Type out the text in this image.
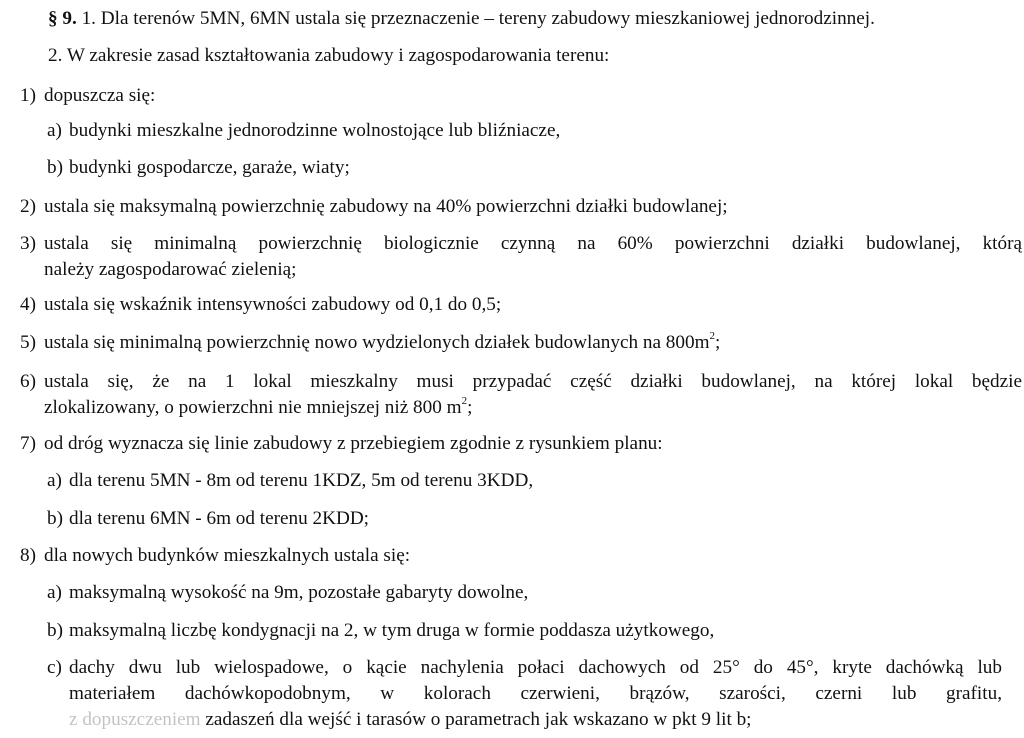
§ 9. 1. Dla terenów 5MN, 6MN ustala się przeznaczenie – tereny zabudowy mieszkaniowej jednorodzinnej.
2. W zakresie zasad kształtowania zabudowy i zagospodarowania terenu:
1) dopuszcza się:
a) budynki mieszkalne jednorodzinne wolnostojące lub bliźniacze,
b) budynki gospodarcze, garaże, wiaty;
2) ustala się maksymalną powierzchnię zabudowy na 40% powierzchni działki budowlanej;
3) ustala się minimalną powierzchnię biologicznie czynną na 60% powierzchni działki budowlanej, którą
należy zagospodarować zielenią;
4) ustala się wskaźnik intensywności zabudowy od 0,1 do 0,5;
5) ustala się minimalną powierzchnię nowo wydzielonych działek budowlanych na $800m^2$;
6) ustala się, że na 1 lokal mieszkalny musi przypadać część działki budowlanej, na której lokal będzie
zlokalizowany, o powierzchni nie mniejszej niż 800 $m^2$;
7) od dróg wyznacza się linie zabudowy z przebiegiem zgodnie z rysunkiem planu:
a) dla terenu 5MN - 8m od terenu 1KDZ, 5m od terenu 3KDD,
b) dla terenu 6MN - 6m od terenu 2KDD;
8) dla nowych budynków mieszkalnych ustala się:
a) maksymalną wysokość na 9m, pozostałe gabaryty dowolne,
b) maksymalną liczbę kondygnacji na 2, w tym druga w formie poddasza użytkowego,
c) dachy dwu lub wielospadowe, o kącie nachylenia połaci dachowych od 25° do 45°, kryte dachówką lub
materiałem dachówkopodobnym, w kolorach czerwieni, brązów, szarości, czerni lub grafitu,
z dopuszczeniem zadaszeń dla wejść i tarasów o parametrach jak wskazano w pkt 9 lit b;
